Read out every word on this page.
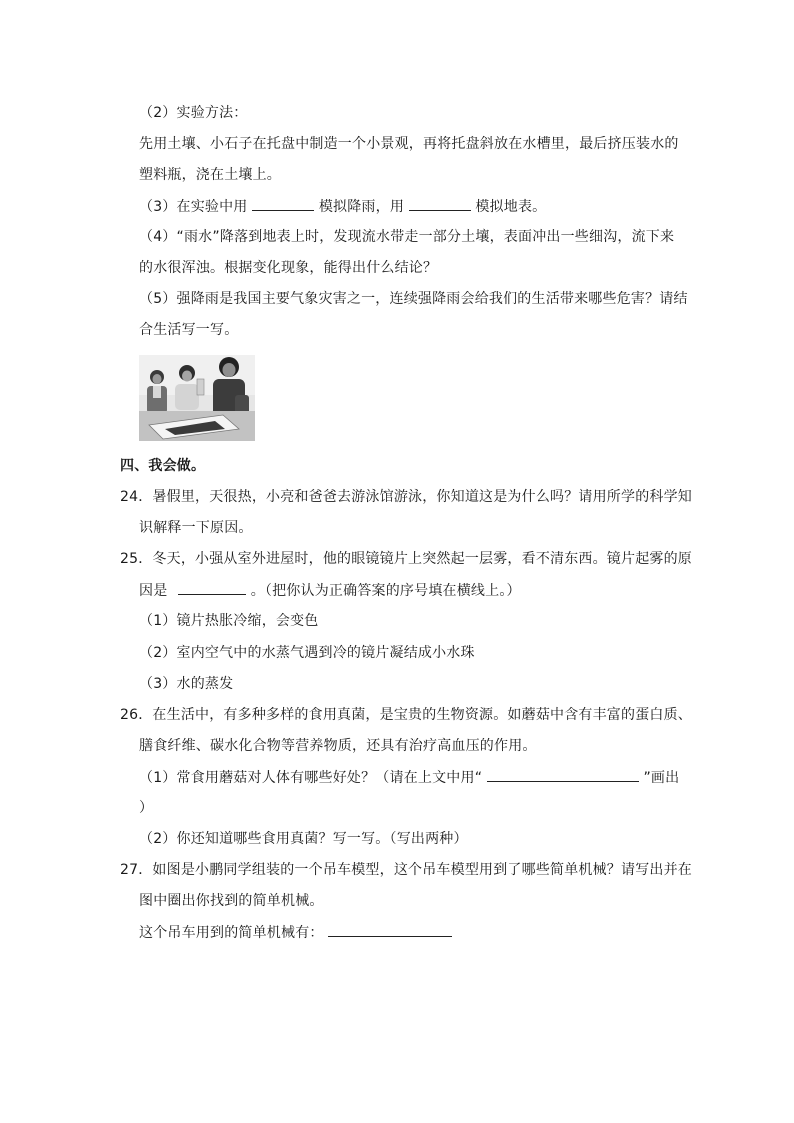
（2）实验方法：
先用土壤、小石子在托盘中制造一个小景观，再将托盘斜放在水槽里，最后挤压装水的
塑料瓶，浇在土壤上。
（3）在实验中用	模拟降雨，用	模拟地表。
（4）“雨水”降落到地表上时，发现流水带走一部分土壤，表面冲出一些细沟，流下来
的水很浑浊。根据变化现象，能得出什么结论？
（5）强降雨是我国主要气象灾害之一，连续强降雨会给我们的生活带来哪些危害？请结
合生活写一写。
四、我会做。
24．暑假里，天很热，小亮和爸爸去游泳馆游泳，你知道这是为什么吗？请用所学的科学知
识解释一下原因。
25．冬天，小强从室外进屋时，他的眼镜镜片上突然起一层雾，看不清东西。镜片起雾的原
因是	。（把你认为正确答案的序号填在横线上。）
（1）镜片热胀冷缩，会变色
（2）室内空气中的水蒸气遇到冷的镜片凝结成小水珠
（3）水的蒸发
26．在生活中，有多种多样的食用真菌，是宝贵的生物资源。如蘑菇中含有丰富的蛋白质、
膳食纤维、碳水化合物等营养物质，还具有治疗高血压的作用。
（1）常食用蘑菇对人体有哪些好处？（请在上文中用“	”画出
）
（2）你还知道哪些食用真菌？写一写。（写出两种）
27．如图是小鹏同学组装的一个吊车模型，这个吊车模型用到了哪些简单机械？请写出并在
图中圈出你找到的简单机械。
这个吊车用到的简单机械有：
